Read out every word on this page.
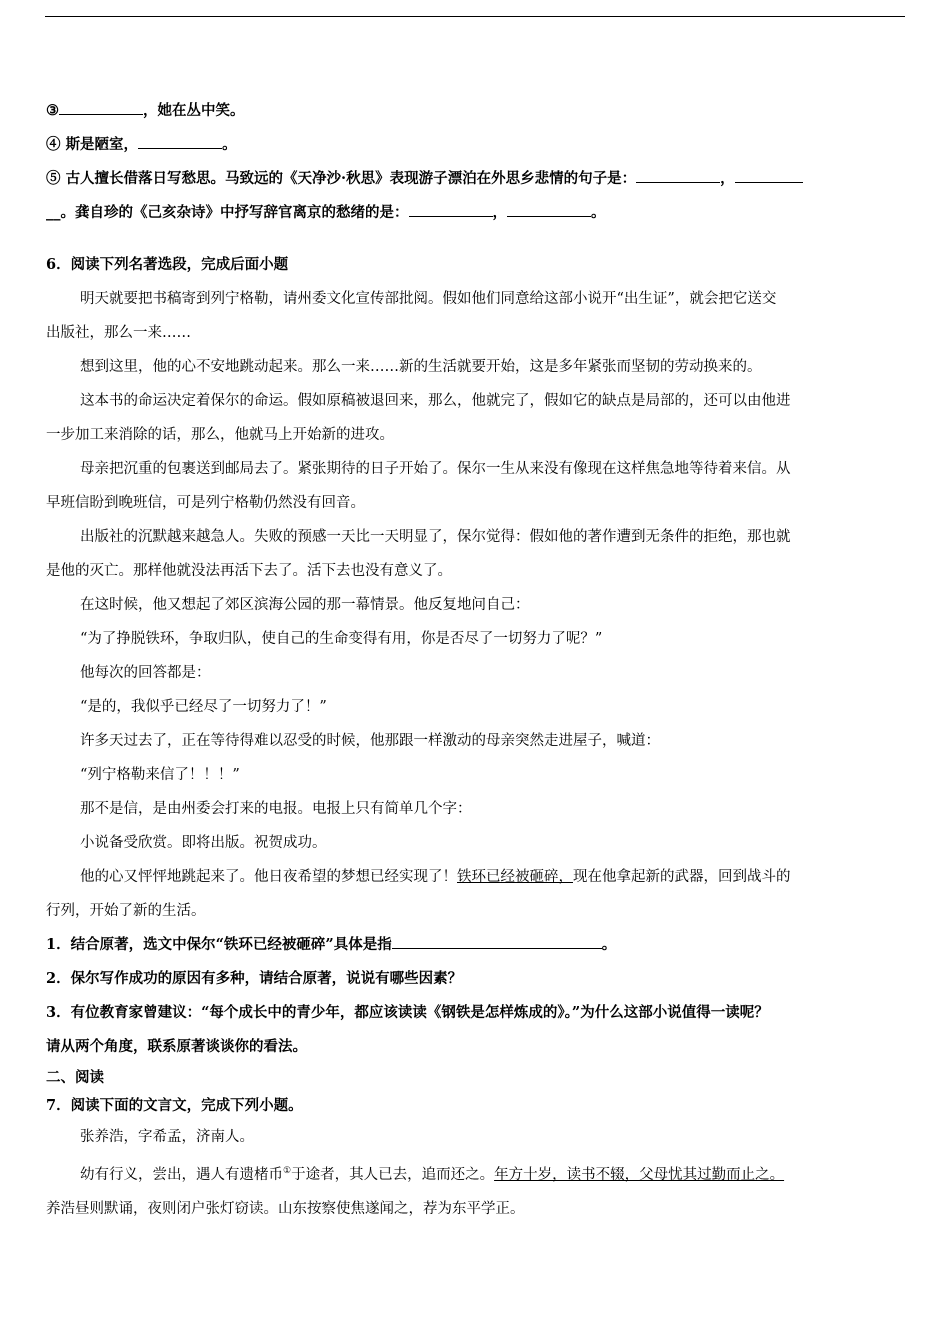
③	，她在丛中笑。
④ 斯是陋室，	。
⑤ 古人擅长借落日写愁思。马致远的《天净沙·秋思》表现游子漂泊在外思乡悲情的句子是：	，
__。龚自珍的《己亥杂诗》中抒写辞官离京的愁绪的是：	，	。
6．阅读下列名著选段，完成后面小题
明天就要把书稿寄到列宁格勒，请州委文化宣传部批阅。假如他们同意给这部小说开“出生证”，就会把它送交
出版社，那么一来……
想到这里，他的心不安地跳动起来。那么一来……新的生活就要开始，这是多年紧张而坚韧的劳动换来的。
这本书的命运决定着保尔的命运。假如原稿被退回来，那么，他就完了，假如它的缺点是局部的，还可以由他进
一步加工来消除的话，那么，他就马上开始新的进攻。
母亲把沉重的包裹送到邮局去了。紧张期待的日子开始了。保尔一生从来没有像现在这样焦急地等待着来信。从
早班信盼到晚班信，可是列宁格勒仍然没有回音。
出版社的沉默越来越急人。失败的预感一天比一天明显了，保尔觉得：假如他的著作遭到无条件的拒绝，那也就
是他的灭亡。那样他就没法再活下去了。活下去也没有意义了。
在这时候，他又想起了郊区滨海公园的那一幕情景。他反复地问自己：
“为了挣脱铁环，争取归队，使自己的生命变得有用，你是否尽了一切努力了呢？”
他每次的回答都是：
“是的，我似乎已经尽了一切努力了！”
许多天过去了，正在等待得难以忍受的时候，他那跟一样激动的母亲突然走进屋子，喊道：
“列宁格勒来信了！！！”
那不是信，是由州委会打来的电报。电报上只有简单几个字：
小说备受欣赏。即将出版。祝贺成功。
他的心又怦怦地跳起来了。他日夜希望的梦想已经实现了！铁环已经被砸碎，现在他拿起新的武器，回到战斗的
行列，开始了新的生活。
1．结合原著，选文中保尔“铁环已经被砸碎”具体是指	。
2．保尔写作成功的原因有多种，请结合原著，说说有哪些因素？
3．有位教育家曾建议：“每个成长中的青少年，都应该读读《钢铁是怎样炼成的》。”为什么这部小说值得一读呢？
请从两个角度，联系原著谈谈你的看法。
二、阅读
7．阅读下面的文言文，完成下列小题。
张养浩，字希孟，济南人。
幼有行义，尝出，遇人有遗楮币①于途者，其人已去，追而还之。年方十岁，读书不辍，父母忧其过勤而止之。
养浩昼则默诵，夜则闭户张灯窃读。山东按察使焦遂闻之，荐为东平学正。
